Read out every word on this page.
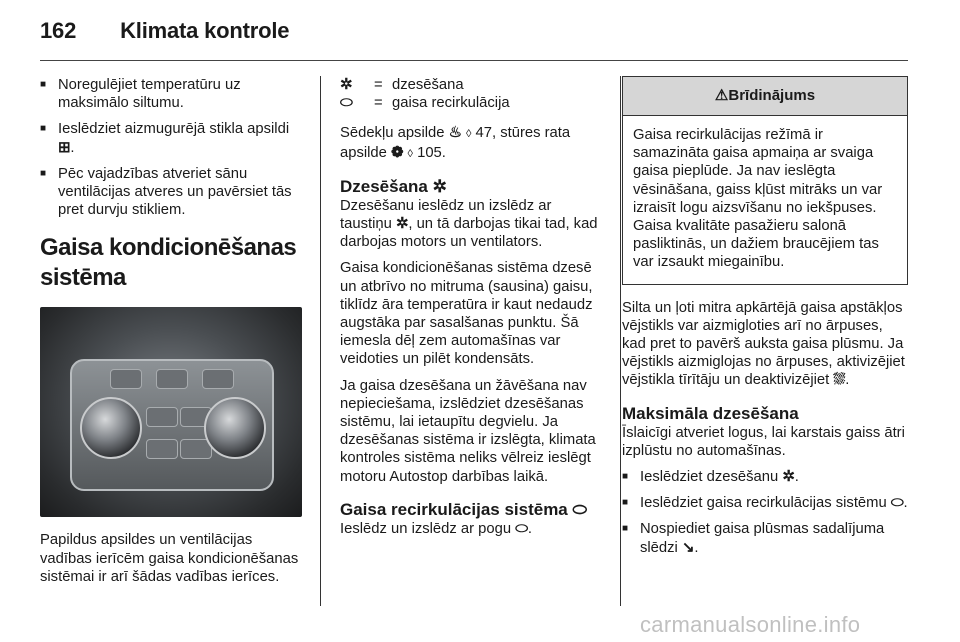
162 Klimata kontrole
■ Noregulējiet temperatūru uz maksimālo siltumu.
■ Ieslēdziet aizmugurējā stikla apsildi
⊞.
■ Pēc vajadzības atveriet sānu ventilācijas atveres un pavērsiet tās pret durvju stikliem.
Gaisa kondicionēšanas sistēma

Papildus apsildes un ventilācijas vadības ierīcēm gaisa kondicionēšanas sistēmai ir arī šādas vadības ierīces.

✲	= dzesēšana
⬭	= gaisa recirkulācija

Sēdekļu apsilde ♨ ◊ 47, stūres rata apsilde ❁ ◊ 105.

Dzesēšana ✲

Dzesēšanu ieslēdz un izslēdz ar taustiņu ✲, un tā darbojas tikai tad, kad darbojas motors un ventilators.

Gaisa kondicionēšanas sistēma dzesē un atbrīvo no mitruma (sausina) gaisu, tiklīdz āra temperatūra ir kaut nedaudz augstāka par sasalšanas punktu. Šā iemesla dēļ zem automašīnas var veidoties un pilēt kondensāts.

Ja gaisa dzesēšana un žāvēšana nav nepieciešama, izslēdziet dzesēšanas sistēmu, lai ietaupītu degvielu. Ja dzesēšanas sistēma ir izslēgta, klimata kontroles sistēma neliks vēlreiz ieslēgt motoru Autostop darbības laikā.

Gaisa recirkulācijas sistēma ⬭

Ieslēdz un izslēdz ar pogu ⬭.

⚠Brīdinājums
Gaisa recirkulācijas režīmā ir samazināta gaisa apmaiņa ar svaiga gaisa pieplūde. Ja nav ieslēgta vēsināšana, gaiss kļūst mitrāks un var izraisīt logu aizsvīšanu no iekšpuses. Gaisa kvalitāte pasažieru salonā pasliktinās, un dažiem braucējiem tas var izsaukt miegainību.

Silta un ļoti mitra apkārtējā gaisa apstākļos vējstikls var aizmigloties arī no ārpuses, kad pret to pavērš auksta gaisa plūsmu. Ja vējstikls aizmiglojas no ārpuses, aktivizējiet vējstikla tīrītāju un deaktivizējiet ⛆.

Maksimāla dzesēšana

Īslaicīgi atveriet logus, lai karstais gaiss ātri izplūstu no automašīnas.

■ Ieslēdziet dzesēšanu ✲.
■ Ieslēdziet gaisa recirkulācijas sistēmu ⬭.
■ Nospiediet gaisa plūsmas sadalījuma slēdzi ↘.
carmanualsonline.info
